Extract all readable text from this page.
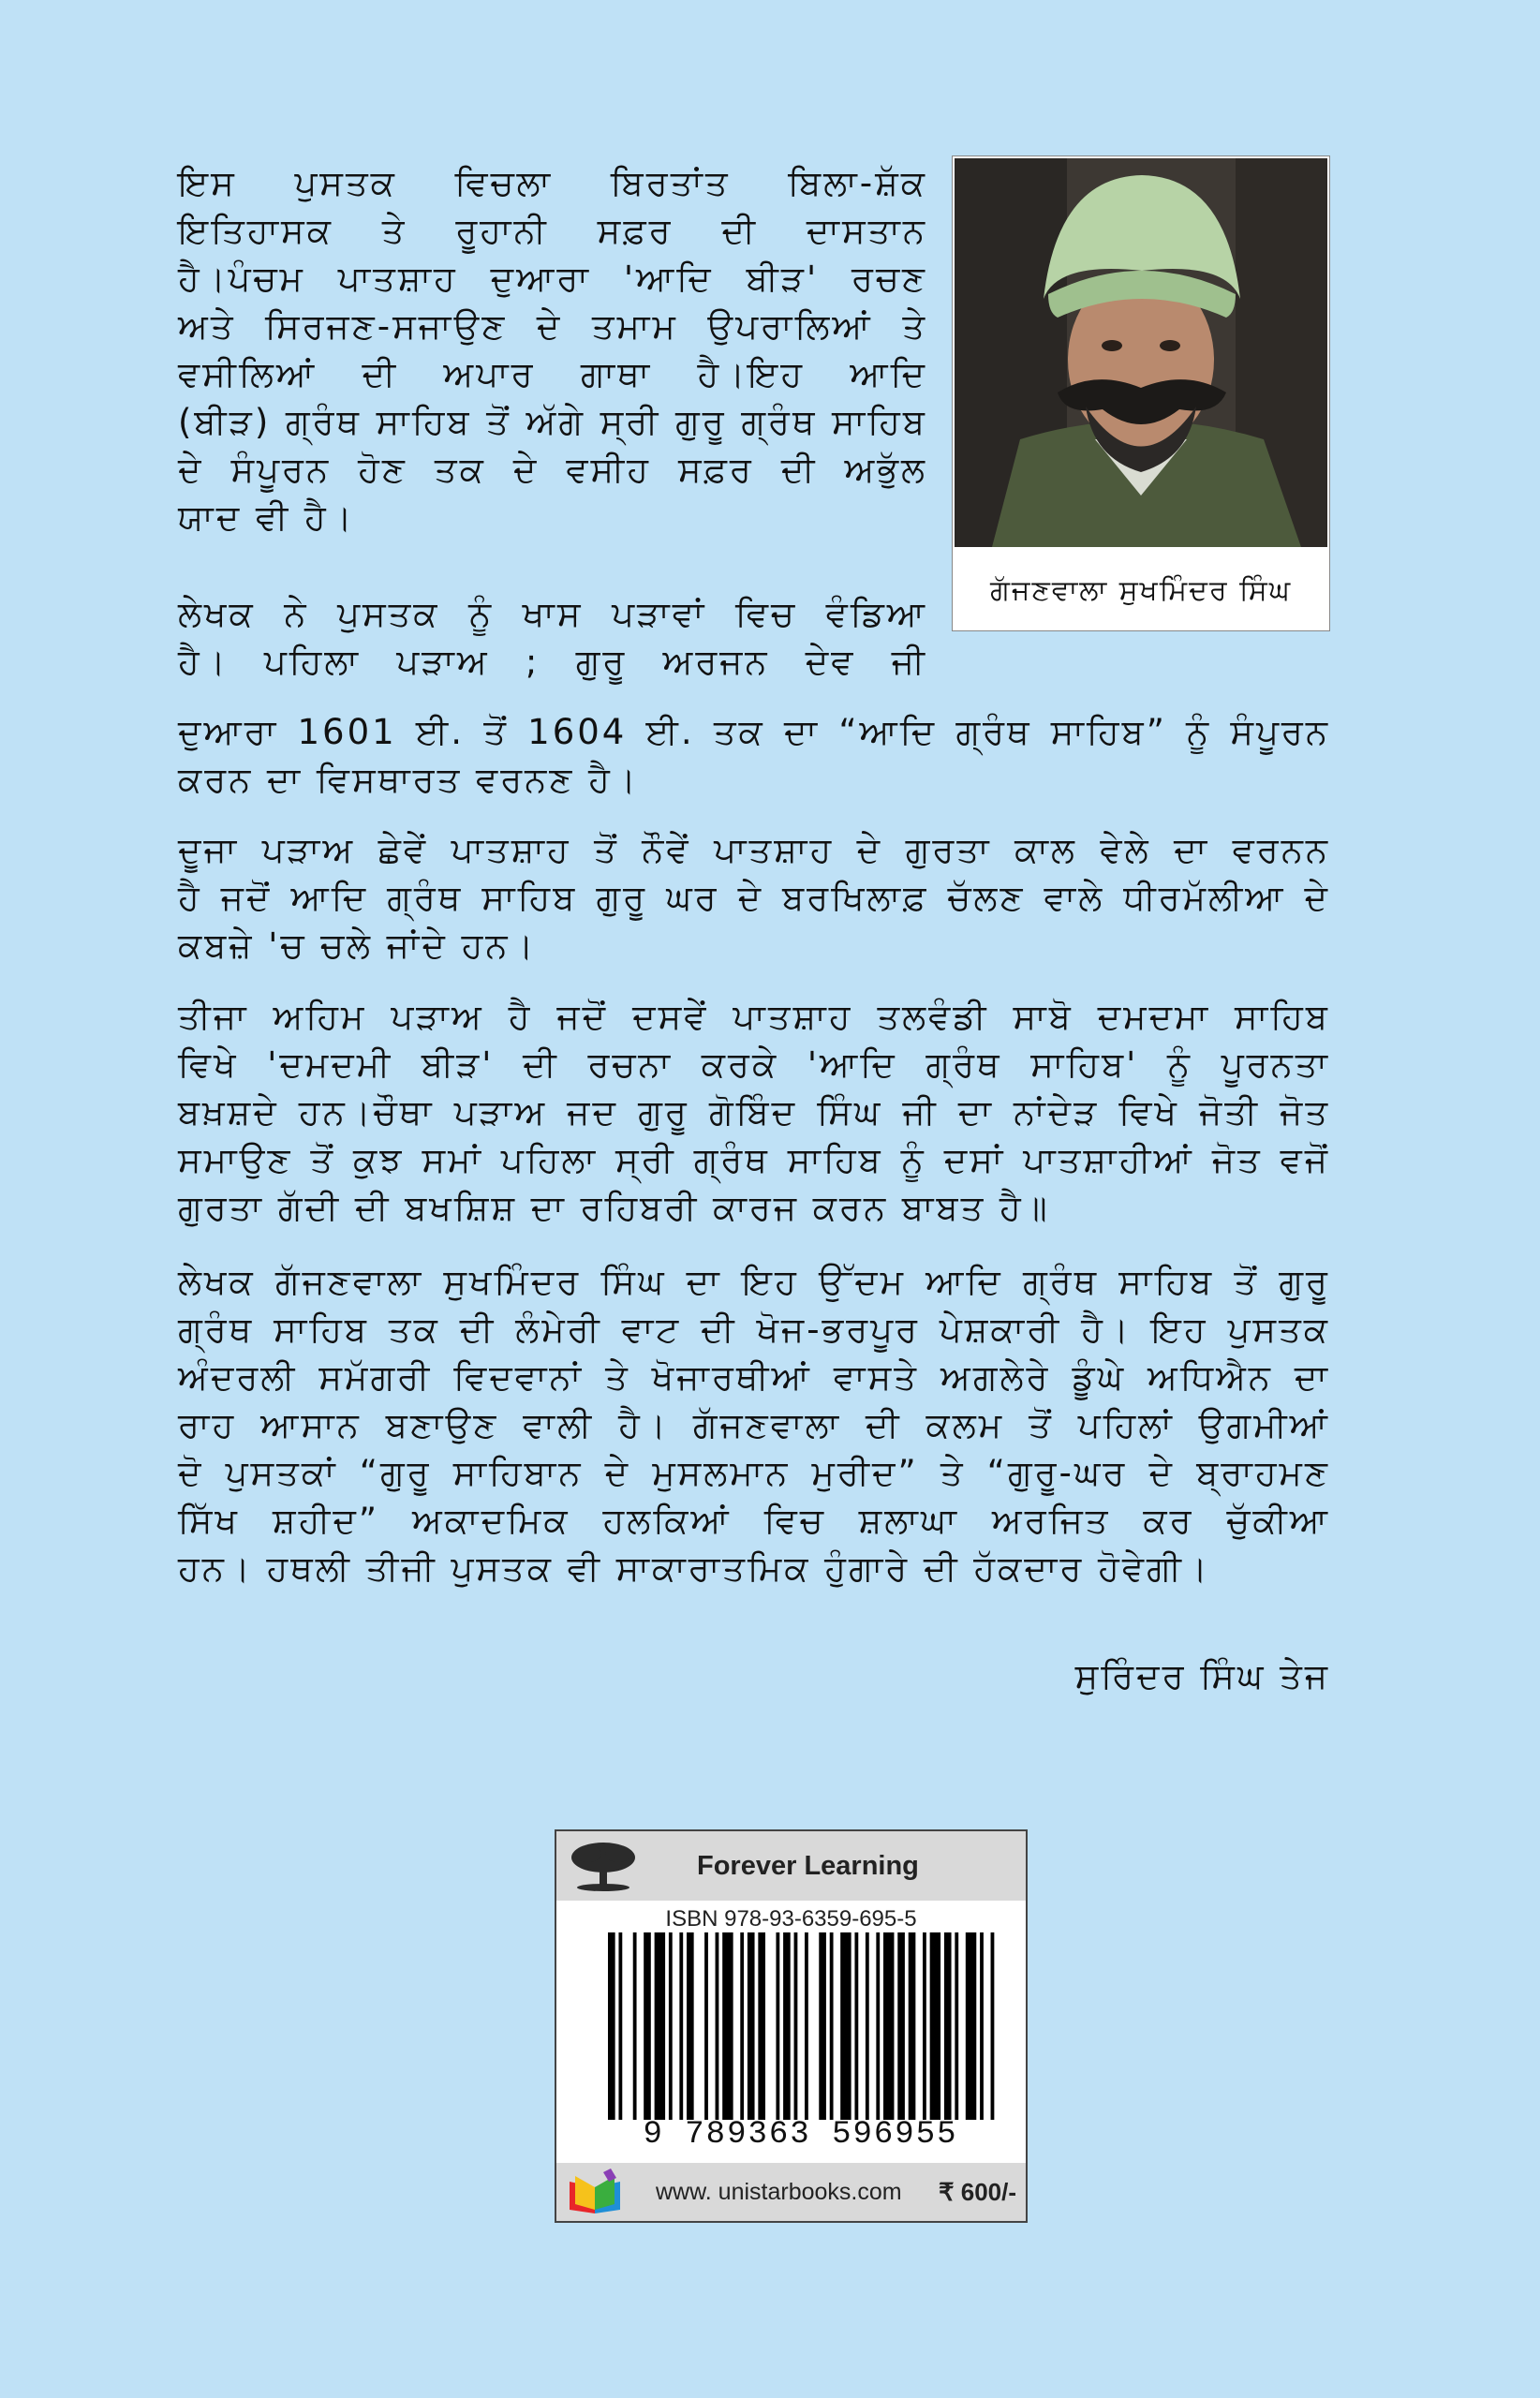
ਗੱਜਣਵਾਲਾ ਸੁਖਮਿੰਦਰ ਸਿੰਘ

ਇਸ ਪੁਸਤਕ ਵਿਚਲਾ ਬਿਰਤਾਂਤ ਬਿਲਾ-ਸ਼ੱਕ

ਇਤਿਹਾਸਕ ਤੇ ਰੂਹਾਨੀ ਸਫ਼ਰ ਦੀ ਦਾਸਤਾਨ

ਹੈ।ਪੰਚਮ ਪਾਤਸ਼ਾਹ ਦੁਆਰਾ 'ਆਦਿ ਬੀੜ' ਰਚਣ

ਅਤੇ ਸਿਰਜਣ-ਸਜਾਉਣ ਦੇ ਤਮਾਮ ਉਪਰਾਲਿਆਂ ਤੇ

ਵਸੀਲਿਆਂ ਦੀ ਅਪਾਰ ਗਾਥਾ ਹੈ।ਇਹ ਆਦਿ

(ਬੀੜ) ਗ੍ਰੰਥ ਸਾਹਿਬ ਤੋਂ ਅੱਗੇ ਸ੍ਰੀ ਗੁਰੂ ਗ੍ਰੰਥ ਸਾਹਿਬ

ਦੇ ਸੰਪੂਰਨ ਹੋਣ ਤਕ ਦੇ ਵਸੀਹ ਸਫ਼ਰ ਦੀ ਅਭੁੱਲ

ਯਾਦ ਵੀ ਹੈ।

ਲੇਖਕ ਨੇ ਪੁਸਤਕ ਨੂੰ ਖਾਸ ਪੜਾਵਾਂ ਵਿਚ ਵੰਡਿਆ

ਹੈ। ਪਹਿਲਾ ਪੜਾਅ ; ਗੁਰੂ ਅਰਜਨ ਦੇਵ ਜੀ

ਦੁਆਰਾ 1601 ਈ. ਤੋਂ 1604 ਈ. ਤਕ ਦਾ “ਆਦਿ ਗ੍ਰੰਥ ਸਾਹਿਬ” ਨੂੰ ਸੰਪੂਰਨ

ਕਰਨ ਦਾ ਵਿਸਥਾਰਤ ਵਰਨਣ ਹੈ।

ਦੂਜਾ ਪੜਾਅ ਛੇਵੇਂ ਪਾਤਸ਼ਾਹ ਤੋਂ ਨੌਵੇਂ ਪਾਤਸ਼ਾਹ ਦੇ ਗੁਰਤਾ ਕਾਲ ਵੇਲੇ ਦਾ ਵਰਨਨ

ਹੈ ਜਦੋਂ ਆਦਿ ਗ੍ਰੰਥ ਸਾਹਿਬ ਗੁਰੂ ਘਰ ਦੇ ਬਰਖਿਲਾਫ਼ ਚੱਲਣ ਵਾਲੇ ਧੀਰਮੱਲੀਆ ਦੇ

ਕਬਜ਼ੇ 'ਚ ਚਲੇ ਜਾਂਦੇ ਹਨ।

ਤੀਜਾ ਅਹਿਮ ਪੜਾਅ ਹੈ ਜਦੋਂ ਦਸਵੇਂ ਪਾਤਸ਼ਾਹ ਤਲਵੰਡੀ ਸਾਬੋ ਦਮਦਮਾ ਸਾਹਿਬ

ਵਿਖੇ 'ਦਮਦਮੀ ਬੀੜ' ਦੀ ਰਚਨਾ ਕਰਕੇ 'ਆਦਿ ਗ੍ਰੰਥ ਸਾਹਿਬ' ਨੂੰ ਪੂਰਨਤਾ

ਬਖ਼ਸ਼ਦੇ ਹਨ।ਚੌਥਾ ਪੜਾਅ ਜਦ ਗੁਰੂ ਗੋਬਿੰਦ ਸਿੰਘ ਜੀ ਦਾ ਨਾਂਦੇੜ ਵਿਖੇ ਜੋਤੀ ਜੋਤ

ਸਮਾਉਣ ਤੋਂ ਕੁਝ ਸਮਾਂ ਪਹਿਲਾ ਸ੍ਰੀ ਗ੍ਰੰਥ ਸਾਹਿਬ ਨੂੰ ਦਸਾਂ ਪਾਤਸ਼ਾਹੀਆਂ ਜੋਤ ਵਜੋਂ

ਗੁਰਤਾ ਗੱਦੀ ਦੀ ਬਖਸ਼ਿਸ਼ ਦਾ ਰਹਿਬਰੀ ਕਾਰਜ ਕਰਨ ਬਾਬਤ ਹੈ॥

ਲੇਖਕ ਗੱਜਣਵਾਲਾ ਸੁਖਮਿੰਦਰ ਸਿੰਘ ਦਾ ਇਹ ਉੱਦਮ ਆਦਿ ਗ੍ਰੰਥ ਸਾਹਿਬ ਤੋਂ ਗੁਰੂ

ਗ੍ਰੰਥ ਸਾਹਿਬ ਤਕ ਦੀ ਲੰਮੇਰੀ ਵਾਟ ਦੀ ਖੋਜ-ਭਰਪੂਰ ਪੇਸ਼ਕਾਰੀ ਹੈ। ਇਹ ਪੁਸਤਕ

ਅੰਦਰਲੀ ਸਮੱਗਰੀ ਵਿਦਵਾਨਾਂ ਤੇ ਖੋਜਾਰਥੀਆਂ ਵਾਸਤੇ ਅਗਲੇਰੇ ਡੂੰਘੇ ਅਧਿਐਨ ਦਾ

ਰਾਹ ਆਸਾਨ ਬਣਾਉਣ ਵਾਲੀ ਹੈ। ਗੱਜਣਵਾਲਾ ਦੀ ਕਲਮ ਤੋਂ ਪਹਿਲਾਂ ਉਗਮੀਆਂ

ਦੋ ਪੁਸਤਕਾਂ “ਗੁਰੂ ਸਾਹਿਬਾਨ ਦੇ ਮੁਸਲਮਾਨ ਮੁਰੀਦ” ਤੇ “ਗੁਰੂ-ਘਰ ਦੇ ਬ੍ਰਾਹਮਣ

ਸਿੱਖ ਸ਼ਹੀਦ” ਅਕਾਦਮਿਕ ਹਲਕਿਆਂ ਵਿਚ ਸ਼ਲਾਘਾ ਅਰਜਿਤ ਕਰ ਚੁੱਕੀਆ

ਹਨ। ਹਥਲੀ ਤੀਜੀ ਪੁਸਤਕ ਵੀ ਸਾਕਾਰਾਤਮਿਕ ਹੁੰਗਾਰੇ ਦੀ ਹੱਕਦਾਰ ਹੋਵੇਗੀ।

ਸੁਰਿੰਦਰ ਸਿੰਘ ਤੇਜ
Forever Learning
ISBN 978-93-6359-695-5
9 789363 596955
www. unistarbooks.com ₹ 600/-
